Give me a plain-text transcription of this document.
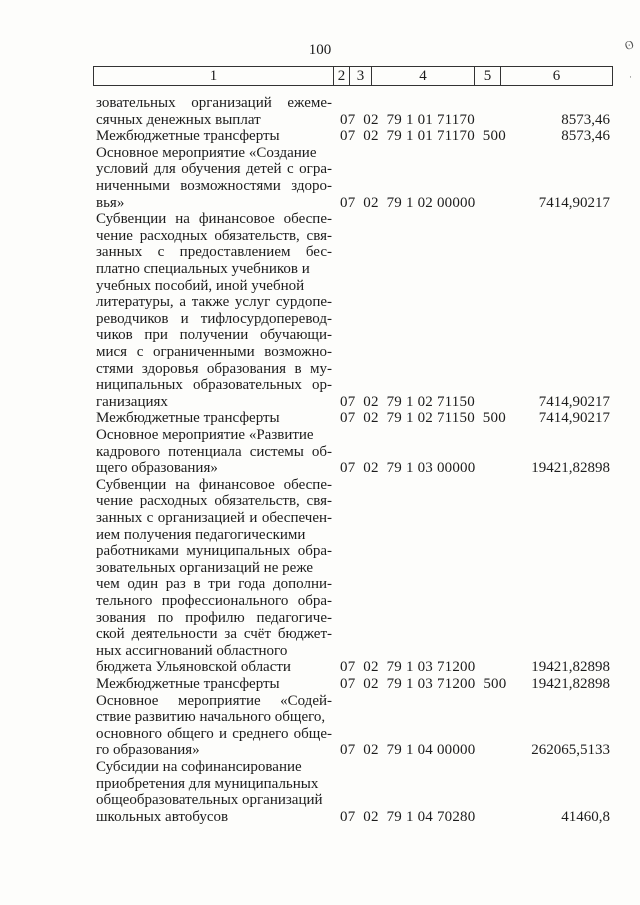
100
1	2 3	4	5	6
зовательных организаций ежеме-
сячных денежных выплат	07  02  79 1 01 71170	8573,46
Межбюджетные трансферты	07  02  79 1 01 71170  500	8573,46
Основное мероприятие «Создание
условий для обучения детей с огра-
ниченными возможностями здоро-
вья»	07  02  79 1 02 00000	7414,90217
Субвенции на финансовое обеспе-
чение расходных обязательств, свя-
занных с предоставлением бес-
платно специальных учебников и
учебных пособий, иной учебной
литературы, а также услуг сурдопе-
реводчиков и тифлосурдоперевод-
чиков при получении обучающи-
мися с ограниченными возможно-
стями здоровья образования в му-
ниципальных образовательных ор-
ганизациях	07  02  79 1 02 71150	7414,90217
Межбюджетные трансферты	07  02  79 1 02 71150  500 7414,90217
Основное мероприятие «Развитие
кадрового потенциала системы об-
щего образования»	07  02  79 1 03 00000	19421,82898
Субвенции на финансовое обеспе-
чение расходных обязательств, свя-
занных с организацией и обеспечен-
ием получения педагогическими
работниками муниципальных обра-
зовательных организаций не реже
чем один раз в три года дополни-
тельного профессионального обра-
зования по профилю педагогиче-
ской деятельности за счёт бюджет-
ных ассигнований областного
бюджета Ульяновской области	07  02  79 1 03 71200	19421,82898
Межбюджетные трансферты	07  02  79 1 03 71200  500 19421,82898
Основное мероприятие «Содей-
ствие развитию начального общего,
основного общего и среднего обще-
го образования»	07  02  79 1 04 00000	262065,5133
Субсидии на софинансирование
приобретения для муниципальных
общеобразовательных организаций
школьных автобусов	07  02  79 1 04 70280	41460,8
ʘ
·
